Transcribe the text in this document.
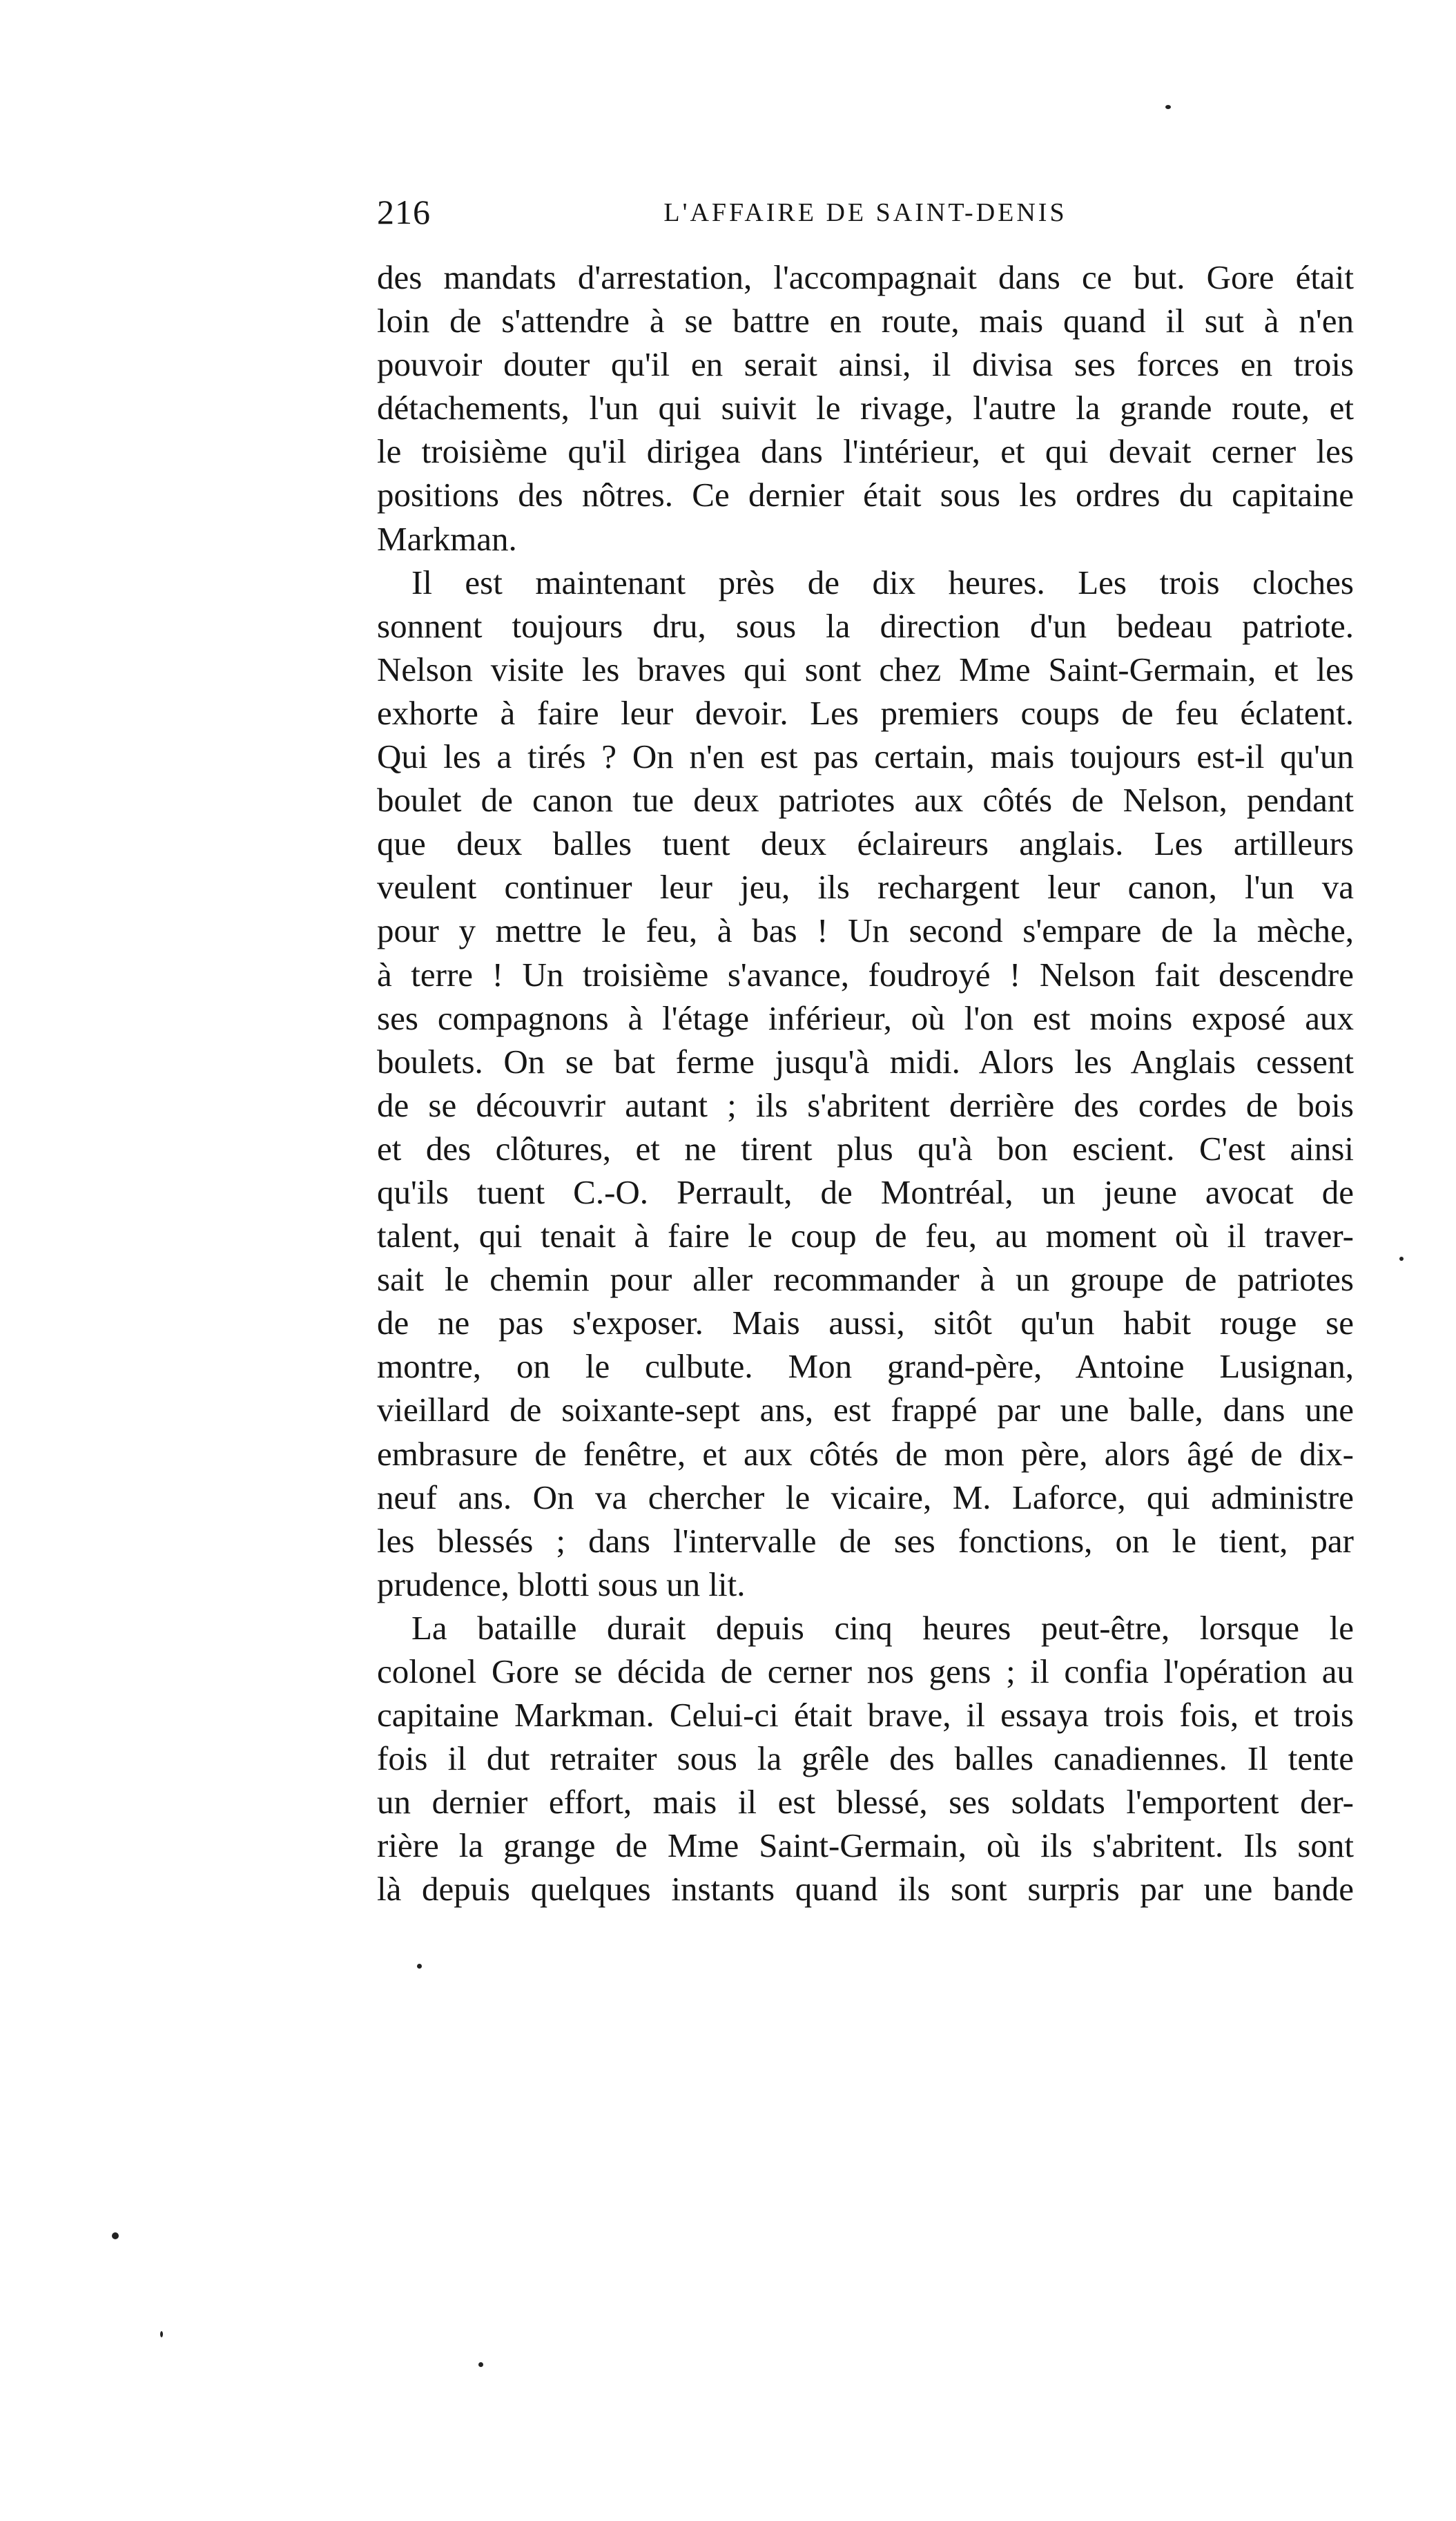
216	L'AFFAIRE DE SAINT-DENIS
des mandats d'arrestation, l'accompagnait dans ce but. Gore était
loin de s'attendre à se battre en route, mais quand il sut à n'en
pouvoir douter qu'il en serait ainsi, il divisa ses forces en trois
détachements, l'un qui suivit le rivage, l'autre la grande route, et
le troisième qu'il dirigea dans l'intérieur, et qui devait cerner les
positions des nôtres. Ce dernier était sous les ordres du capitaine
Markman.
Il est maintenant près de dix heures. Les trois cloches
sonnent toujours dru, sous la direction d'un bedeau patriote.
Nelson visite les braves qui sont chez Mme Saint-Germain, et les
exhorte à faire leur devoir. Les premiers coups de feu éclatent.
Qui les a tirés ? On n'en est pas certain, mais toujours est-il qu'un
boulet de canon tue deux patriotes aux côtés de Nelson, pendant
que deux balles tuent deux éclaireurs anglais. Les artilleurs
veulent continuer leur jeu, ils rechargent leur canon, l'un va
pour y mettre le feu, à bas ! Un second s'empare de la mèche,
à terre ! Un troisième s'avance, foudroyé ! Nelson fait descendre
ses compagnons à l'étage inférieur, où l'on est moins exposé aux
boulets. On se bat ferme jusqu'à midi. Alors les Anglais cessent
de se découvrir autant ; ils s'abritent derrière des cordes de bois
et des clôtures, et ne tirent plus qu'à bon escient. C'est ainsi
qu'ils tuent C.-O. Perrault, de Montréal, un jeune avocat de
talent, qui tenait à faire le coup de feu, au moment où il traver-
sait le chemin pour aller recommander à un groupe de patriotes
de ne pas s'exposer. Mais aussi, sitôt qu'un habit rouge se
montre, on le culbute. Mon grand-père, Antoine Lusignan,
vieillard de soixante-sept ans, est frappé par une balle, dans une
embrasure de fenêtre, et aux côtés de mon père, alors âgé de dix-
neuf ans. On va chercher le vicaire, M. Laforce, qui administre
les blessés ; dans l'intervalle de ses fonctions, on le tient, par
prudence, blotti sous un lit.
La bataille durait depuis cinq heures peut-être, lorsque le
colonel Gore se décida de cerner nos gens ; il confia l'opération au
capitaine Markman. Celui-ci était brave, il essaya trois fois, et trois
fois il dut retraiter sous la grêle des balles canadiennes. Il tente
un dernier effort, mais il est blessé, ses soldats l'emportent der-
rière la grange de Mme Saint-Germain, où ils s'abritent. Ils sont
là depuis quelques instants quand ils sont surpris par une bande
